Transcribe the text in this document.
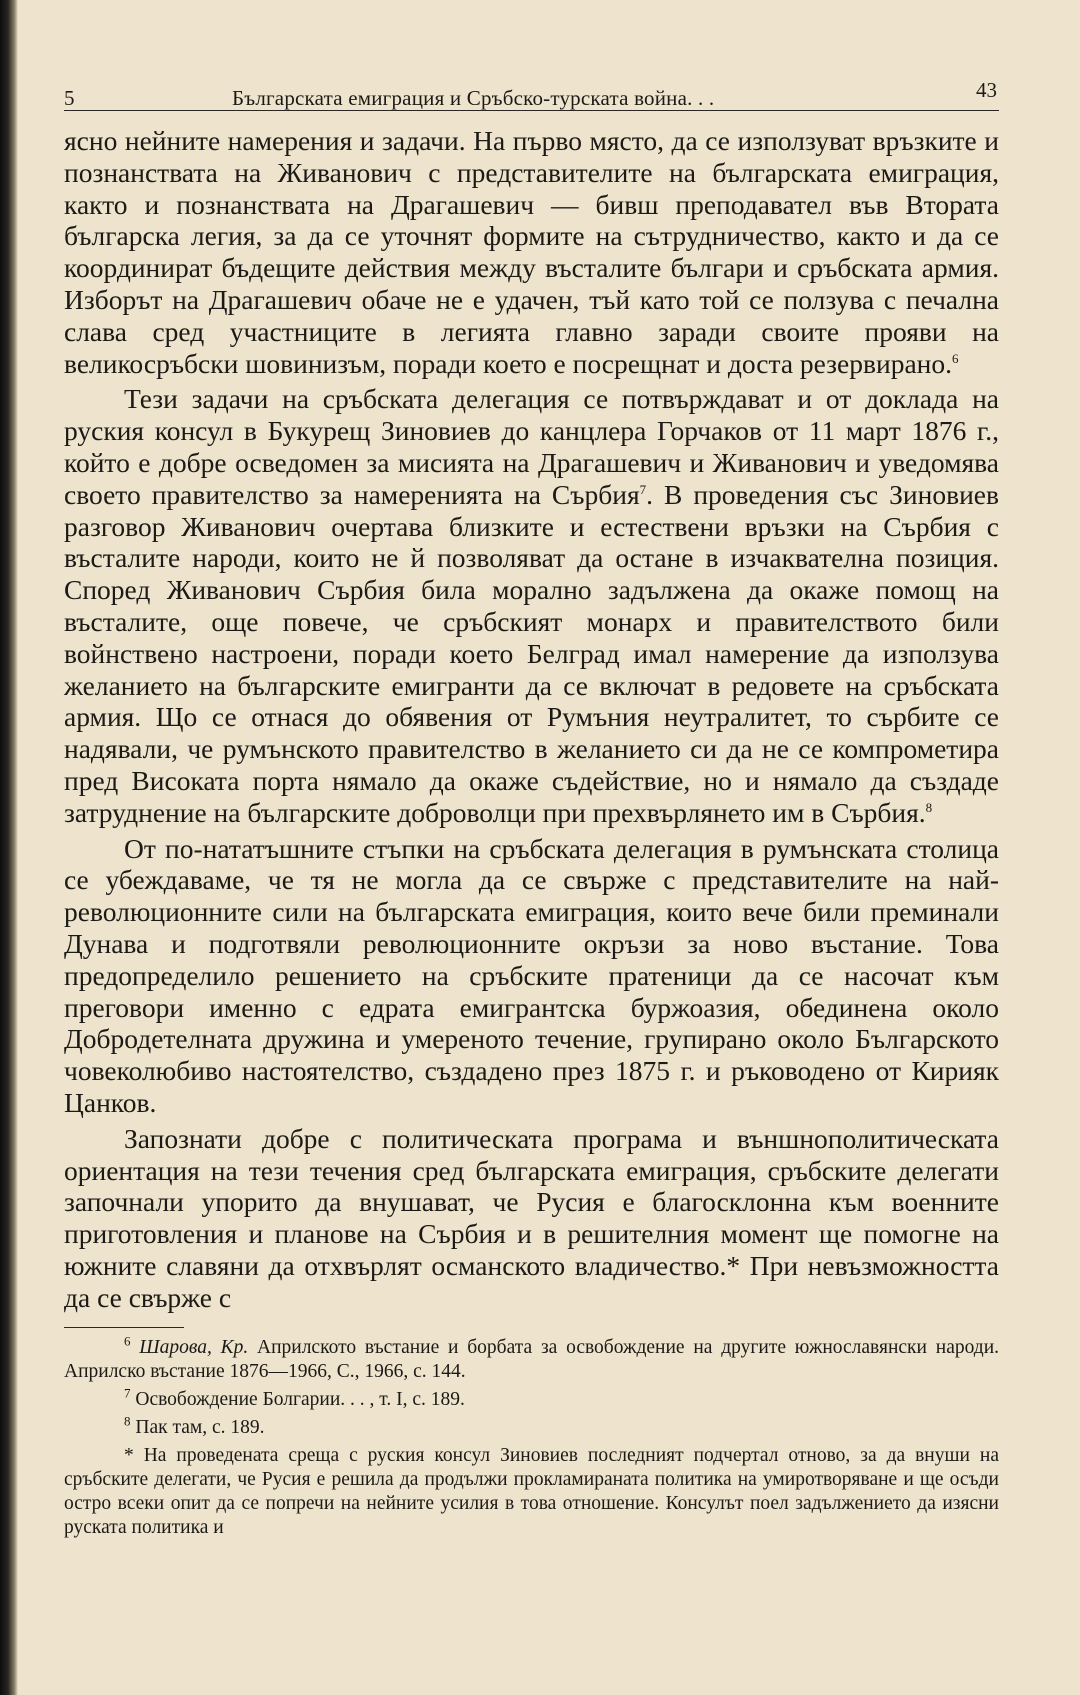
5	Българската емиграция и Сръбско-турската война. . .	43

ясно нейните намерения и задачи. На първо място, да се използуват връзките и познанствата на Живанович с представителите на българската емиграция, както и познанствата на Драгашевич — бивш преподавател във Втората българска легия, за да се уточнят формите на сътрудничество, както и да се координират бъдещите действия между въсталите българи и сръбската армия. Изборът на Драгашевич обаче не е удачен, тъй като той се ползува с печална слава сред участниците в легията главно заради своите прояви на великосръбски шовинизъм, поради което е посрещнат и доста резервирано.$^6$

Тези задачи на сръбската делегация се потвърждават и от доклада на руския консул в Букурещ Зиновиев до канцлера Горчаков от 11 март 1876 г., който е добре осведомен за мисията на Драгашевич и Живанович и уведомява своето правителство за намеренията на Сърбия$^7$. В проведения със Зиновиев разговор Живанович очертава близките и естествени връзки на Сърбия с въсталите народи, които не й позволяват да остане в изчаквателна позиция. Според Живанович Сърбия била морално задължена да окаже помощ на въсталите, още повече, че сръбският монарх и правителството били войнствено настроени, поради което Белград имал намерение да използува желанието на българските емигранти да се включат в редовете на сръбската армия. Що се отнася до обявения от Румъния неутралитет, то сърбите се надявали, че румънското правителство в желанието си да не се компрометира пред Високата порта нямало да окаже съдействие, но и нямало да създаде затруднение на българските доброволци при прехвърлянето им в Сърбия.$^8$

От по-нататъшните стъпки на сръбската делегация в румънската столица се убеждаваме, че тя не могла да се свърже с представителите на най-революционните сили на българската емиграция, които вече били преминали Дунава и подготвяли революционните окръзи за ново въстание. Това предопределило решението на сръбските пратеници да се насочат към преговори именно с едрата емигрантска буржоазия, обединена около Добродетелната дружина и умереното течение, групирано около Българското човеколюбиво настоятелство, създадено през 1875 г. и ръководено от Кирияк Цанков.

Запознати добре с политическата програма и външнополитическата ориентация на тези течения сред българската емиграция, сръбските делегати започнали упорито да внушават, че Русия е благосклонна към военните приготовления и планове на Сърбия и в решителния момент ще помогне на южните славяни да отхвърлят османското владичество.* При невъзможността да се свърже с

$^6$ Шарова, Кр. Априлското въстание и борбата за освобождение на другите южнославянски народи. Априлско въстание 1876—1966, С., 1966, с. 144.

$^7$ Освобождение Болгарии. . . , т. I, с. 189.

$^8$ Пак там, с. 189.

* На проведената среща с руския консул Зиновиев последният подчертал отново, за да внуши на сръбските делегати, че Русия е решила да продължи прокламираната политика на умиротворяване и ще осъди остро всеки опит да се попречи на нейните усилия в това отношение. Консулът поел задължението да изясни руската политика и
